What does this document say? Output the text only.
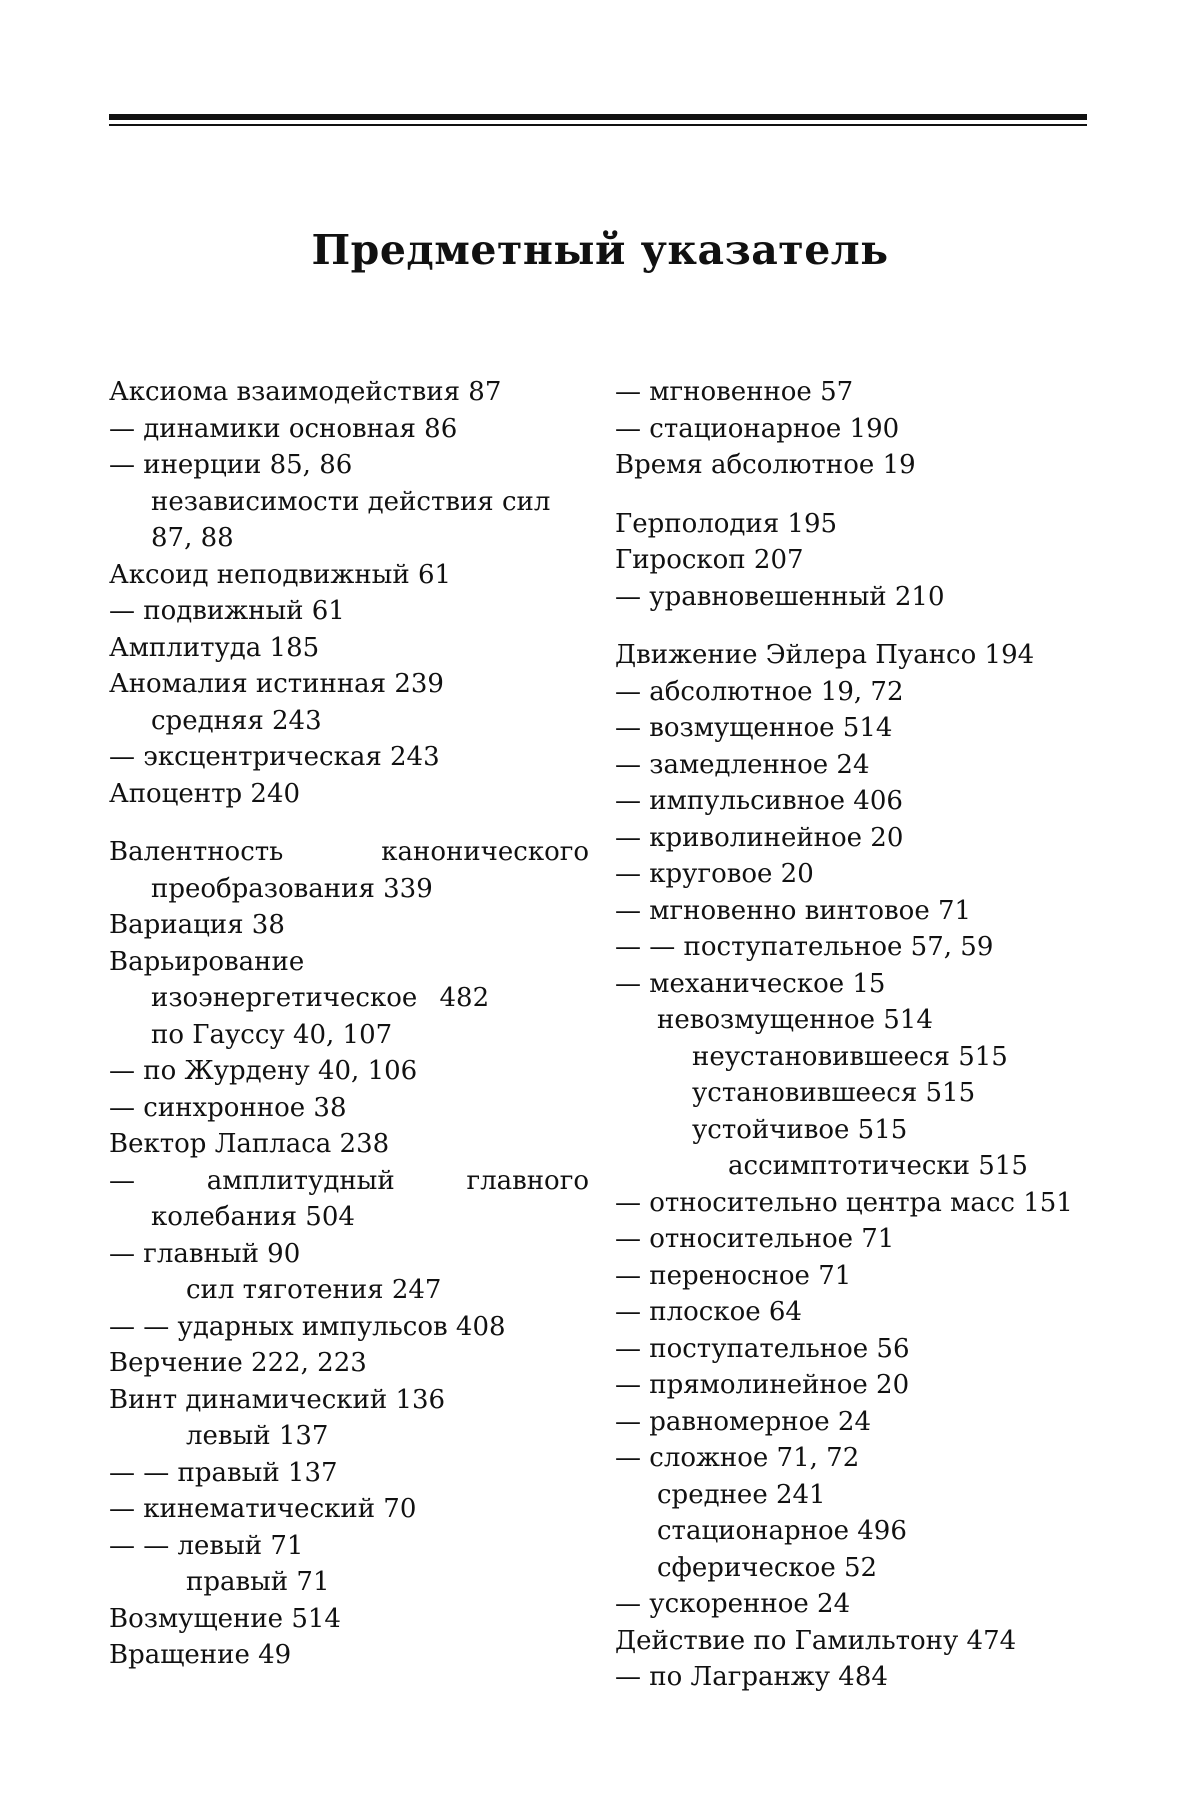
Предметный указатель
Аксиома взаимодействия 87
— динамики основная 86
— инерции 85, 86
независимости действия сил 87, 88
Аксоид неподвижный 61
— подвижный 61
Амплитуда 185
Аномалия истинная 239
средняя 243
— эксцентрическая 243
Апоцентр 240
Валентность канонического преобразования 339
Вариация 38
Варьирование изоэнергетическое 482
по Гауссу 40, 107
— по Журдену 40, 106
— синхронное 38
Вектор Лапласа 238
— амплитудный главного колебания 504
— главный 90
сил тяготения 247
— — ударных импульсов 408
Верчение 222, 223
Винт динамический 136
левый 137
— — правый 137
— кинематический 70
— — левый 71
правый 71
Возмущение 514
Вращение 49
— мгновенное 57
— стационарное 190
Время абсолютное 19
Герполодия 195
Гироскоп 207
— уравновешенный 210
Движение Эйлера Пуансо 194
— абсолютное 19, 72
— возмущенное 514
— замедленное 24
— импульсивное 406
— криволинейное 20
— круговое 20
— мгновенно винтовое 71
— — поступательное 57, 59
— механическое 15
невозмущенное 514
неустановившееся 515
установившееся 515
устойчивое 515
ассимптотически 515
— относительно центра масс 151
— относительное 71
— переносное 71
— плоское 64
— поступательное 56
— прямолинейное 20
— равномерное 24
— сложное 71, 72
среднее 241
стационарное 496
сферическое 52
— ускоренное 24
Действие по Гамильтону 474
— по Лагранжу 484
